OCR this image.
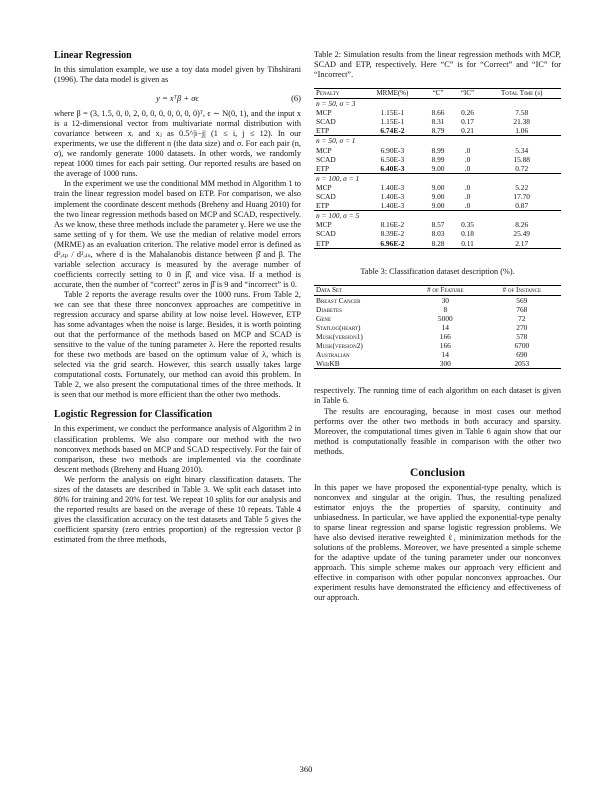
Linear Regression

In this simulation example, we use a toy data model given by Tibshirani (1996). The data model is given as

y = xᵀβ + σϵ	(6)

where β = (3, 1.5, 0, 0, 2, 0, 0, 0, 0, 0, 0, 0)ᵀ, ϵ ∼ N(0, 1), and the input x is a 12-dimensional vector from multivariate normal distribution with covariance between xᵢ and xⱼ as 0.5^|i−j| (1 ≤ i, j ≤ 12). In our experiments, we use the different n (the data size) and σ. For each pair (n, σ), we randomly generate 1000 datasets. In other words, we randomly repeat 1000 times for each pair setting. Our reported results are based on the average of 1000 runs.

In the experiment we use the conditional MM method in Algorithm 1 to train the linear regression model based on ETP. For comparison, we also implement the coordinate descent methods (Breheny and Huang 2010) for the two linear regression methods based on MCP and SCAD, respectively. As we know, these three methods include the parameter γ. Here we use the same setting of γ for them. We use the median of relative model errors (MRME) as an evaluation criterion. The relative model error is defined as d²ₑₜₚ / d²ₒₗₛ, where d is the Mahalanobis distance between β̂ and β. The variable selection accuracy is measured by the average number of coefficients correctly setting to 0 in β̂, and vice visa. If a method is accurate, then the number of “correct” zeros in β̂ is 9 and “incorrect” is 0.

Table 2 reports the average results over the 1000 runs. From Table 2, we can see that these three nonconvex approaches are competitive in regression accuracy and sparse ability at low noise level. However, ETP has some advantages when the noise is large. Besides, it is worth pointing out that the performance of the methods based on MCP and SCAD is sensitive to the value of the tuning parameter λ. Here the reported results for these two methods are based on the optimum value of λ, which is selected via the grid search. However, this search usually takes large computational costs. Fortunately, our method can avoid this problem. In Table 2, we also present the computational times of the three methods. It is seen that our method is more efficient than the other two methods.

Logistic Regression for Classification

In this experiment, we conduct the performance analysis of Algorithm 2 in classification problems. We also compare our method with the two nonconvex methods based on MCP and SCAD respectively. For the fair of comparison, these two methods are implemented via the coordinate descent methods (Breheny and Huang 2010).

We perform the analysis on eight binary classification datasets. The sizes of the datasets are described in Table 3. We split each dataset into 80% for training and 20% for test. We repeat 10 splits for our analysis and the reported results are based on the average of these 10 repeats. Table 4 gives the classification accuracy on the test datasets and Table 5 gives the coefficient sparsity (zero entries proportion) of the regression vector β estimated from the three methods,

Table 2: Simulation results from the linear regression methods with MCP, SCAD and ETP, respectively. Here “C” is for “Correct” and “IC” for “Incorrect”.

Penalty	MRME(%)	“C”	“IC”	Total Time (s)
n = 50, σ = 3				
MCP	1.15E-1	8.66	0.26	7.58
SCAD	1.15E-1	8.31	0.17	21.38
ETP	6.74E-2	8.79	0.21	1.06
n = 50, σ = 1				
MCP	6.90E-3	8.99	.0	5.34
SCAD	6.50E-3	8.99	.0	15.88
ETP	6.40E-3	9.00	.0	0.72
n = 100, σ = 1				
MCP	1.40E-3	9.00	.0	5.22
SCAD	1.40E-3	9.00	.0	17.70
ETP	1.40E-3	9.00	.0	0.87
n = 100, σ = 5				
MCP	8.16E-2	8.57	0.35	8.26
SCAD	8.39E-2	8.03	0.18	25.49
ETP	6.96E-2	8.28	0.11	2.17

Table 3: Classification dataset description (%).

Data Set	# of Feature	# of Instance
Breast Cancer	30	569
Diabetes	8	768
Gene	5000	72
Statlog(heart)	14	270
Musk(version1)	166	578
Musk(version2)	166	6700
Australian	14	690
WebKB	300	2053

respectively. The running time of each algorithm on each dataset is given in Table 6.

The results are encouraging, because in most cases our method performs over the other two methods in both accuracy and sparsity. Moreover, the computational times given in Table 6 again show that our method is computationally feasible in comparison with the other two methods.

Conclusion

In this paper we have proposed the exponential-type penalty, which is nonconvex and singular at the origin. Thus, the resulting penalized estimator enjoys the the properties of sparsity, continuity and unbiasedness. In particular, we have applied the exponential-type penalty to sparse linear regression and sparse logistic regression problems. We have also devised iterative reweighted ℓ₁ minimization methods for the solutions of the problems. Moreover, we have presented a simple scheme for the adaptive update of the tuning parameter under our nonconvex approach. This simple scheme makes our approach very efficient and effective in comparison with other popular nonconvex approaches. Our experiment results have demonstrated the efficiency and effectiveness of our approach.

360
